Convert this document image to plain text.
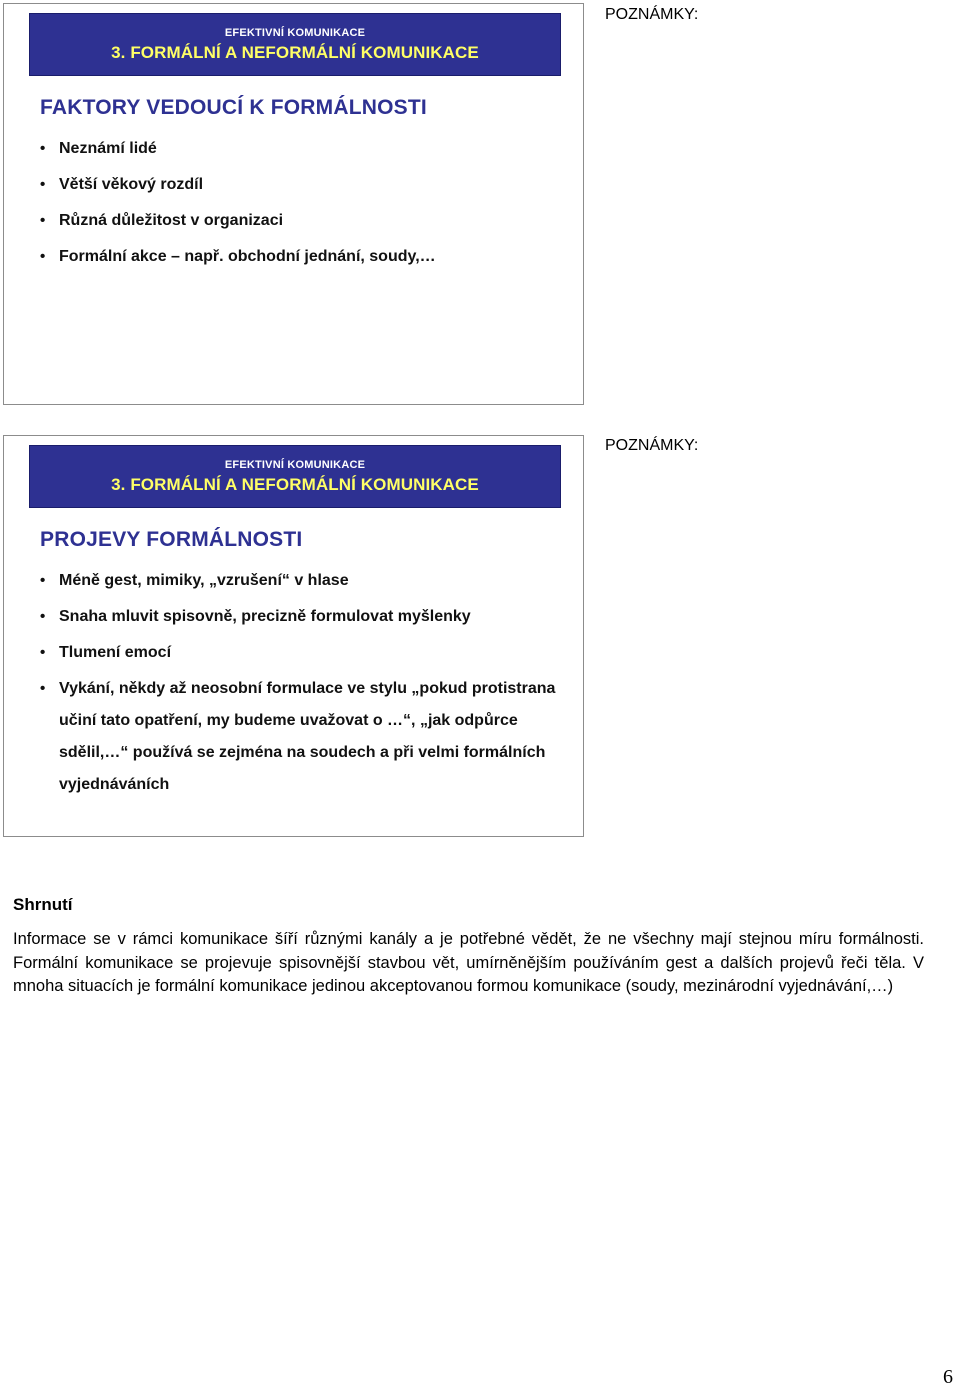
EFEKTIVNÍ KOMUNIKACE
3. FORMÁLNÍ A NEFORMÁLNÍ KOMUNIKACE
FAKTORY VEDOUCÍ K FORMÁLNOSTI
• Neznámí lidé
• Větší věkový rozdíl
• Různá důležitost v organizaci
• Formální akce – např. obchodní jednání, soudy,…
POZNÁMKY:
EFEKTIVNÍ KOMUNIKACE
3. FORMÁLNÍ A NEFORMÁLNÍ KOMUNIKACE
PROJEVY FORMÁLNOSTI
• Méně gest, mimiky, „vzrušení“ v hlase
• Snaha mluvit spisovně, precizně formulovat myšlenky
• Tlumení emocí
• Vykání, někdy až neosobní formulace ve stylu „pokud protistrana učiní tato opatření, my budeme uvažovat o …“, „jak odpůrce sdělil,…“ používá se zejména na soudech a při velmi formálních vyjednáváních
POZNÁMKY:
Shrnutí

Informace se v rámci komunikace šíří různými kanály a je potřebné vědět, že ne všechny mají stejnou míru formálnosti. Formální komunikace se projevuje spisovnější stavbou vět, umírněnějším používáním gest a dalších projevů řeči těla. V mnoha situacích je formální komunikace jedinou akceptovanou formou komunikace (soudy, mezinárodní vyjednávání,…)

6
